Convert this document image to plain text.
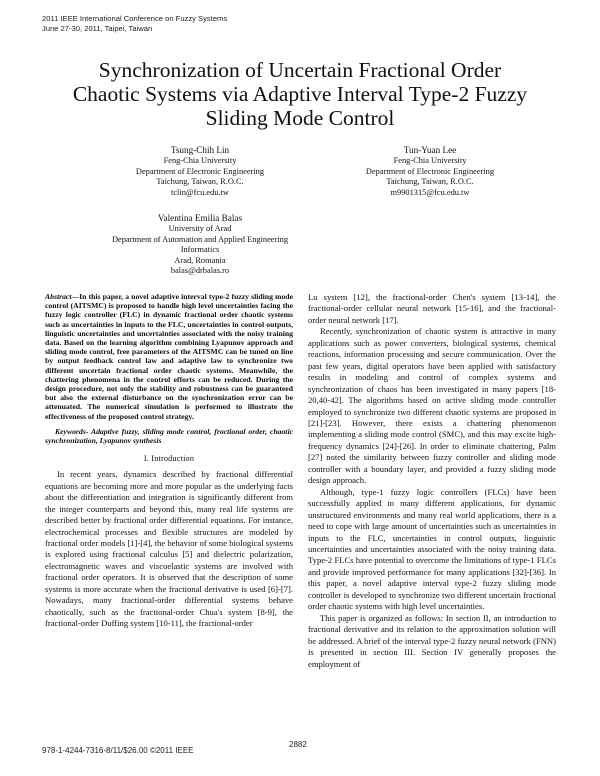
2011 IEEE International Conference on Fuzzy Systems
June 27-30, 2011, Taipei, Taiwan
Synchronization of Uncertain Fractional Order
Chaotic Systems via Adaptive Interval Type-2 Fuzzy
Sliding Mode Control
Tsung-Chih Lin
Feng-Chia University
Department of Electronic Engineering
Taichung, Taiwan, R.O.C.
tclin@fcu.edu.tw
Tun-Yuan Lee
Feng-Chia University
Department of Electronic Engineering
Taichung, Taiwan, R.O.C.
m9901315@fcu.edu.tw
Valentina Emilia Balas
University of Arad
Department of Automation and Applied Engineering
Informatics
Arad, Romania
balas@drbalas.ro

Abstract—In this paper, a novel adaptive interval type-2 fuzzy sliding mode control (AITSMC) is proposed to handle high level uncertainties facing the fuzzy logic controller (FLC) in dynamic fractional order chaotic systems such as uncertainties in inputs to the FLC, uncertainties in control outputs, linguistic uncertainties and uncertainties associated with the noisy training data. Based on the learning algorithm combining Lyapunov approach and sliding mode control, free parameters of the AITSMC can be tuned on line by output feedback control law and adaptive law to synchronize two different uncertain fractional order chaotic systems. Meanwhile, the chattering phenomena in the control efforts can be reduced. During the design procedure, not only the stability and robustness can be guaranteed but also the external disturbance on the synchronization error can be attenuated. The numerical simulation is performed to illustrate the effectiveness of the proposed control strategy.

Keywords- Adaptive fuzzy, sliding mode control, fractional order, chaotic synchronization, Lyapunov synthesis

I. Introduction

In recent years, dynamics described by fractional differential equations are becoming more and more popular as the underlying facts about the differentiation and integration is significantly different from the integer counterparts and beyond this, many real life systems are described better by fractional order differential equations. For instance, electrochemical processes and flexible structures are modeled by fractional order models [1]-[4], the behavior of some biological systems is explored using fractional calculus [5] and dielectric polarization, electromagnetic waves and viscoelastic systems are involved with fractional order operators. It is observed that the description of some systems is more accurate when the fractional derivative is used [6]-[7]. Nowadays, many fractional-order differential systems behave chaotically, such as the fractional-order Chua's system [8-9], the fractional-order Duffing system [10-11], the fractional-order

Lu system [12], the fractional-order Chen's system [13-14], the fractional-order cellular neural network [15-16], and the fractional-order neural network [17].

Recently, synchronization of chaotic system is attractive in many applications such as power converters, biological systems, chemical reactions, information processing and secure communication. Over the past few years, digital operators have been applied with satisfactory results in modeling and control of complex systems and synchronization of chaos has been investigated in many papers [18-20,40-42]. The algorithms based on active sliding mode controller employed to synchronize two different chaotic systems are proposed in [21]-[23]. However, there exists a chattering phenomenon implementing a sliding mode control (SMC), and this may excite high-frequency dynamics [24]-[26]. In order to eliminate chattering, Palm [27] noted the similarity between fuzzy controller and sliding mode controller with a boundary layer, and provided a fuzzy sliding mode design approach.

Although, type-1 fuzzy logic controllers (FLCs) have been successfully applied in many different applications, for dynamic unstructured environments and many real world applications, there is a need to cope with large amount of uncertainties such as uncertainties in inputs to the FLC, uncertainties in control outputs, linguistic uncertainties and uncertainties associated with the noisy training data. Type-2 FLCs have potential to overcome the limitations of type-1 FLCs and provide improved performance for many applications [32]-[36]. In this paper, a novel adaptive interval type-2 fuzzy sliding mode controller is developed to synchronize two different uncertain fractional order chaotic systems with high level uncertainties.

This paper is organized as follows: In section II, an introduction to fractional derivative and its relation to the approximation solution will be addressed. A brief of the interval type-2 fuzzy neural network (FNN) is presented in section III. Section IV generally proposes the employment of

978-1-4244-7316-8/11/$26.00 ©2011 IEEE
2882
